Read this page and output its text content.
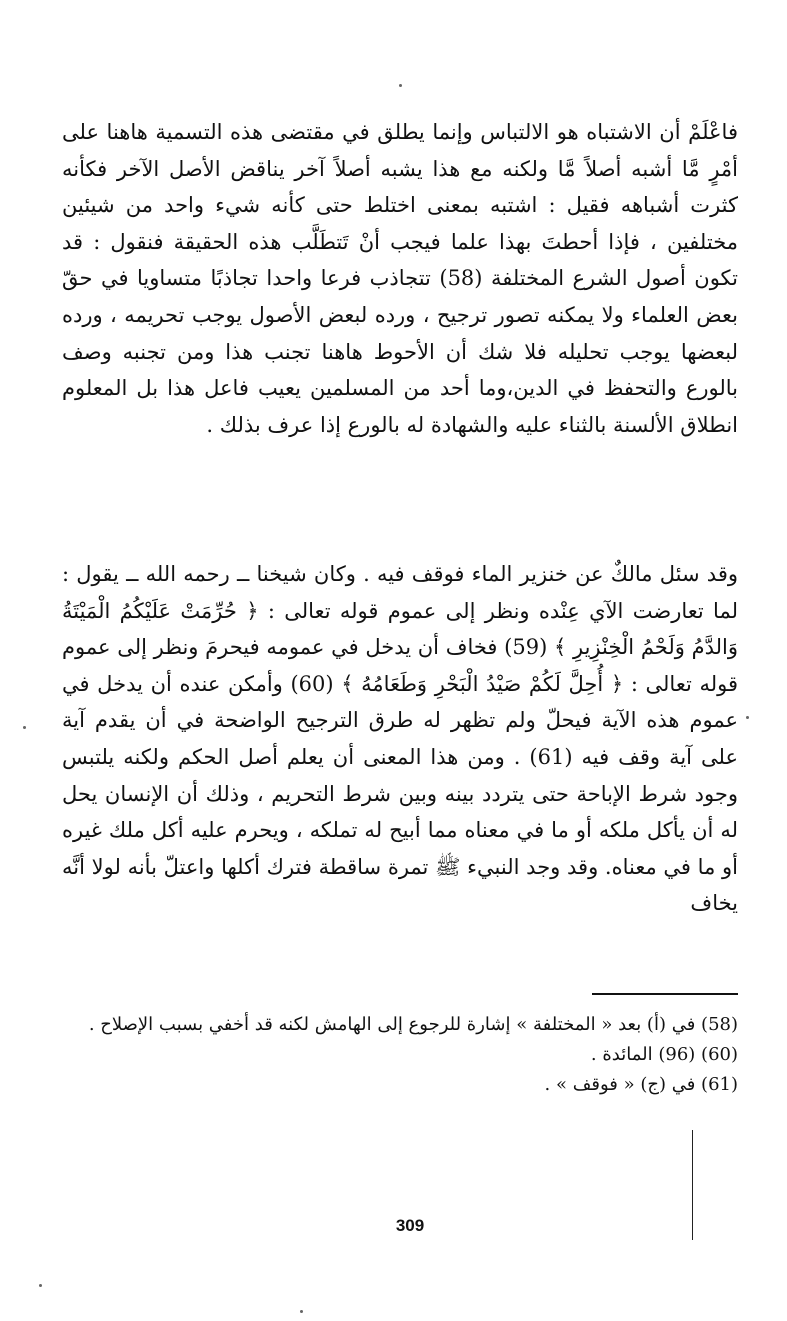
فاعْلَمْ أن الاشتباه هو الالتباس وإنما يطلق في مقتضى هذه التسمية هاهنا على أمْرٍ مَّا أشبه أصلاً مَّا ولكنه مع هذا يشبه أصلاً آخر يناقض الأصل الآخر فكأنه كثرت أشباهه فقيل : اشتبه بمعنى اختلط حتى كأنه شيء واحد من شيئين مختلفين ، فإذا أحطتَ بهذا علما فيجب أنْ تَتطَلَّب هذه الحقيقة فنقول : قد تكون أصول الشرع المختلفة (58) تتجاذب فرعا واحدا تجاذبًا متساويا في حقّ بعض العلماء ولا يمكنه تصور ترجيح ، ورده لبعض الأصول يوجب تحريمه ، ورده لبعضها يوجب تحليله فلا شك أن الأحوط هاهنا تجنب هذا ومن تجنبه وصف بالورع والتحفظ في الدين،وما أحد من المسلمين يعيب فاعل هذا بل المعلوم انطلاق الألسنة بالثناء عليه والشهادة له بالورع إذا عرف بذلك .

وقد سئل مالكٌ عن خنزير الماء فوقف فيه . وكان شيخنا ــ رحمه الله ــ يقول : لما تعارضت الآي عِنْده ونظر إلى عموم قوله تعالى : ﴿ حُرِّمَتْ عَلَيْكُمُ الْمَيْتَةُ وَالدَّمُ وَلَحْمُ الْخِنْزِيرِ ﴾ (59) فخاف أن يدخل في عمومه فيحرمَ ونظر إلى عموم قوله تعالى : ﴿ أُحِلَّ لَكُمْ صَيْدُ الْبَحْرِ وَطَعَامُهُ ﴾ (60) وأمكن عنده أن يدخل في عموم هذه الآية فيحلّ ولم تظهر له طرق الترجيح الواضحة في أن يقدم آية على آية وقف فيه (61) . ومن هذا المعنى أن يعلم أصل الحكم ولكنه يلتبس وجود شرط الإباحة حتى يتردد بينه وبين شرط التحريم ، وذلك أن الإنسان يحل له أن يأكل ملكه أو ما في معناه مما أبيح له تملكه ، ويحرم عليه أكل ملك غيره أو ما في معناه. وقد وجد النبيء ﷺ تمرة ساقطة فترك أكلها واعتلّ بأنه لولا أنَّه يخاف

(58) في (أ) بعد « المختلفة » إشارة للرجوع إلى الهامش لكنه قد أخفي بسبب الإصلاح .

(60) (96) المائدة .

(61) في (ج) « فوقف » .

309
